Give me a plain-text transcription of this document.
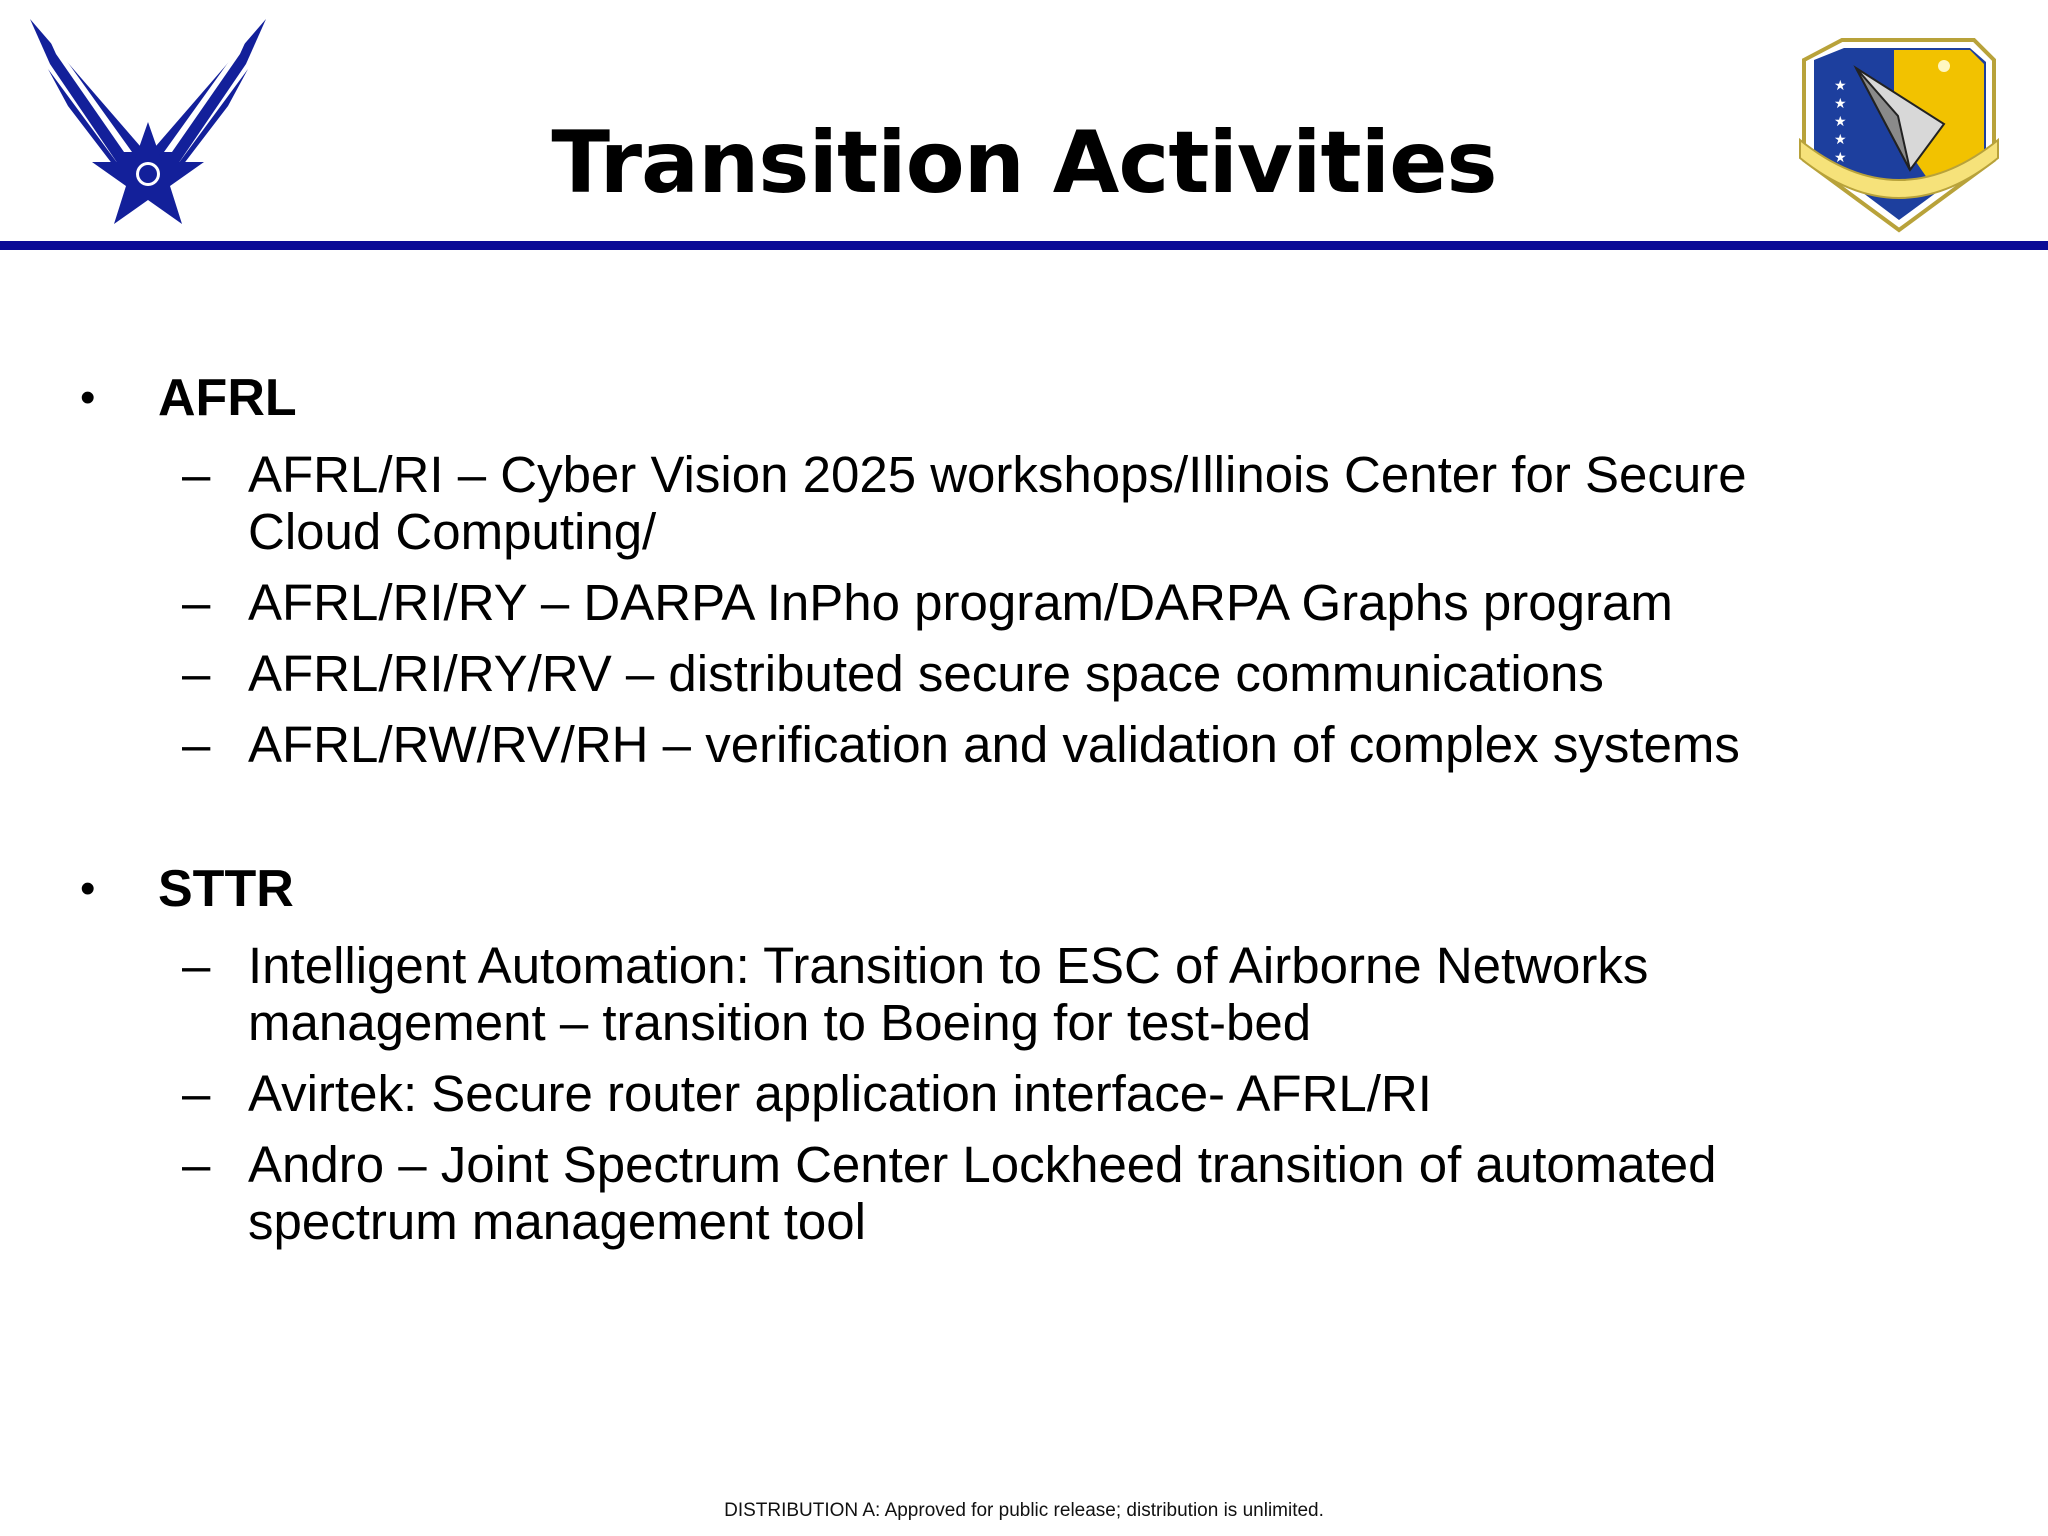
Transition Activities
★
★
★
★
★
• AFRL
– AFRL/RI – Cyber Vision 2025 workshops/Illinois Center for Secure Cloud Computing/
– AFRL/RI/RY – DARPA InPho program/DARPA Graphs program
– AFRL/RI/RY/RV – distributed secure space communications
– AFRL/RW/RV/RH – verification and validation of complex systems
• STTR
– Intelligent Automation: Transition to ESC of Airborne Networks management – transition to Boeing for test-bed
– Avirtek: Secure router application interface- AFRL/RI
– Andro – Joint Spectrum Center Lockheed transition of automated spectrum management tool
DISTRIBUTION A: Approved for public release; distribution is unlimited.
